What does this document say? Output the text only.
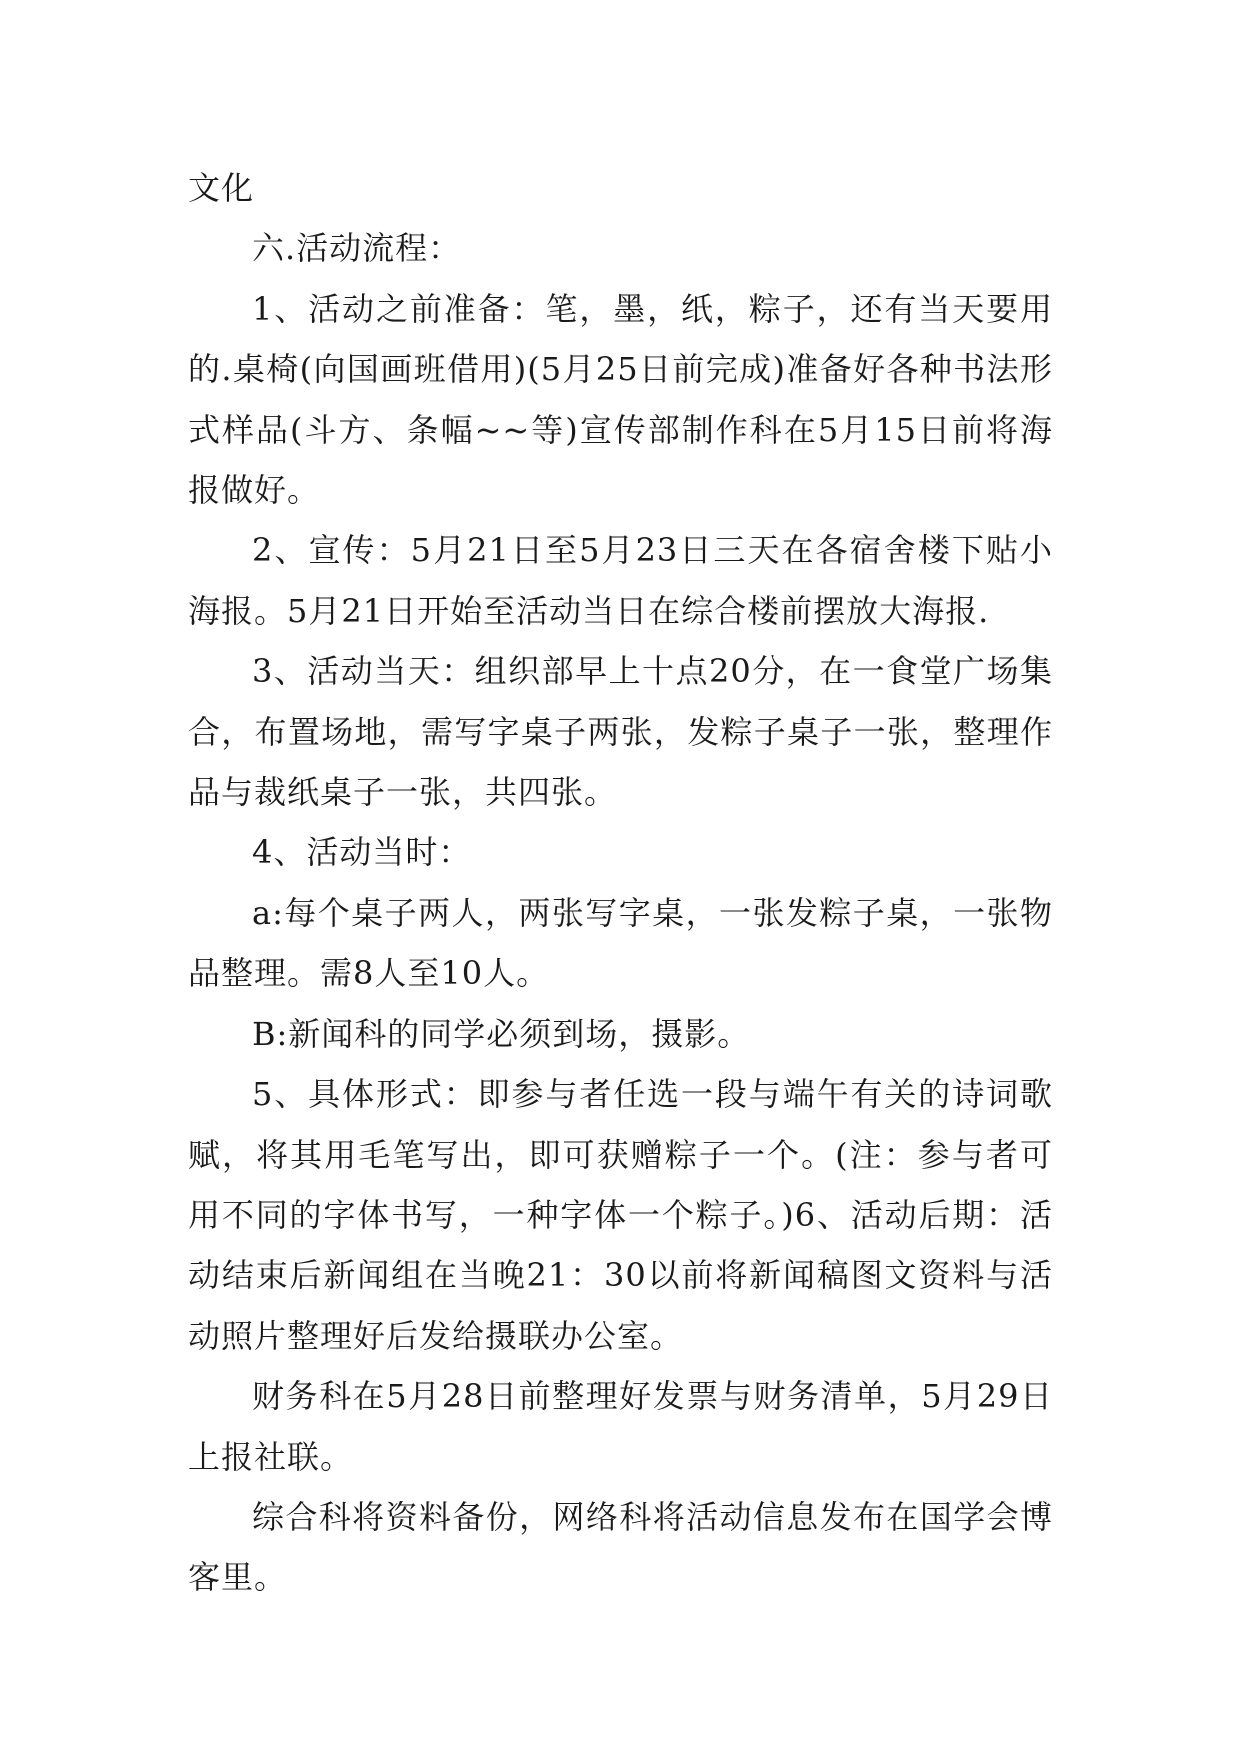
文化

六.活动流程：

1、活动之前准备：笔，墨，纸，粽子，还有当天要用的.桌椅(向国画班借用)(5月25日前完成)准备好各种书法形式样品(斗方、条幅~~等)宣传部制作科在5月15日前将海报做好。

2、宣传：5月21日至5月23日三天在各宿舍楼下贴小海报。5月21日开始至活动当日在综合楼前摆放大海报.

3、活动当天：组织部早上十点20分，在一食堂广场集合，布置场地，需写字桌子两张，发粽子桌子一张，整理作品与裁纸桌子一张，共四张。

4、活动当时：

a:每个桌子两人，两张写字桌，一张发粽子桌，一张物品整理。需8人至10人。

B:新闻科的同学必须到场，摄影。

5、具体形式：即参与者任选一段与端午有关的诗词歌赋，将其用毛笔写出，即可获赠粽子一个。(注：参与者可用不同的字体书写，一种字体一个粽子。)6、活动后期：活动结束后新闻组在当晚21：30以前将新闻稿图文资料与活动照片整理好后发给摄联办公室。

财务科在5月28日前整理好发票与财务清单，5月29日上报社联。

综合科将资料备份，网络科将活动信息发布在国学会博客里。
